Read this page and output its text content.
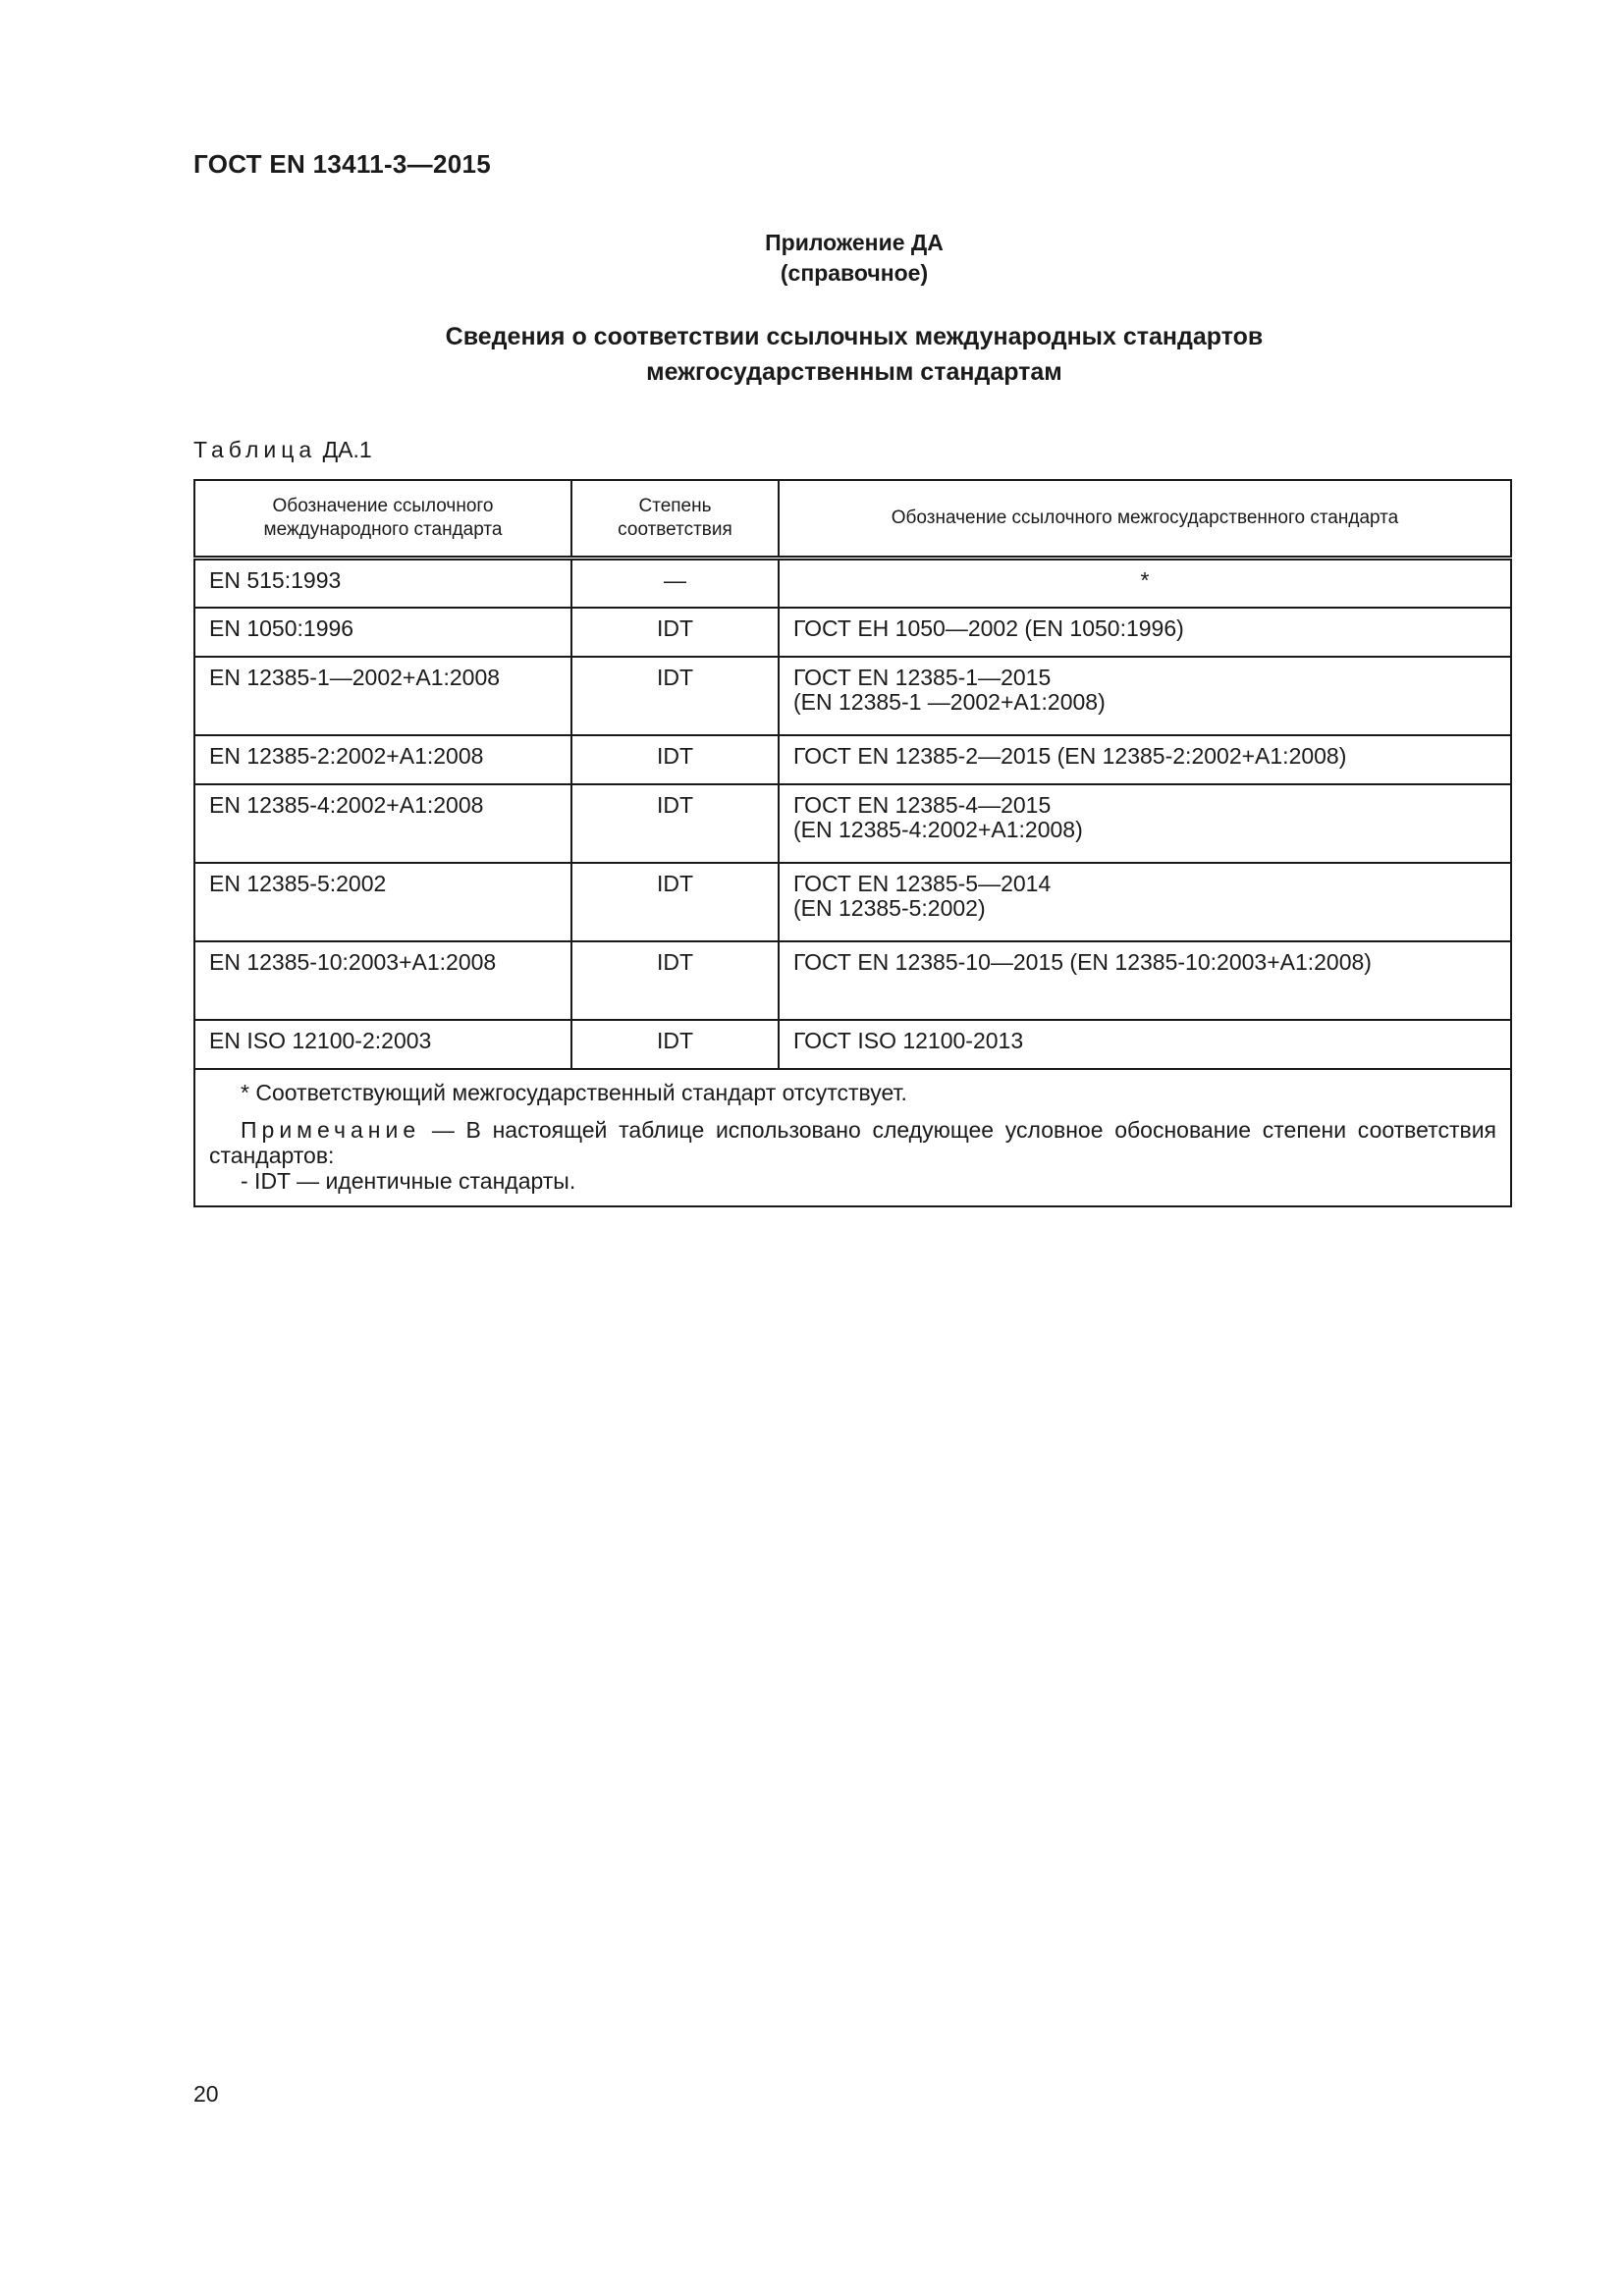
ГОСТ EN 13411-3—2015

Приложение ДА

(справочное)

Сведения о соответствии ссылочных международных стандартов
межгосударственным стандартам

Таблица ДА.1

Обозначение ссылочного международного стандарта	Степень соответствия	Обозначение ссылочного межгосударственного стандарта
EN 515:1993	—	*
EN 1050:1996	IDT	ГОСТ ЕН 1050—2002 (EN 1050:1996)
EN 12385-1—2002+A1:2008	IDT	ГОСТ EN 12385-1—2015
(EN 12385-1 —2002+A1:2008)
EN 12385-2:2002+A1:2008	IDT	ГОСТ EN 12385-2—2015 (EN 12385-2:2002+A1:2008)
EN 12385-4:2002+A1:2008	IDT	ГОСТ EN 12385-4—2015
(EN 12385-4:2002+A1:2008)
EN 12385-5:2002	IDT	ГОСТ EN 12385-5—2014
(EN 12385-5:2002)
EN 12385-10:2003+A1:2008	IDT	ГОСТ EN 12385-10—2015 (EN 12385-10:2003+A1:2008)
EN ISO 12100-2:2003	IDT	ГОСТ ISO 12100-2013

* Соответствующий межгосударственный стандарт отсутствует.

Примечание — В настоящей таблице использовано следующее условное обоснование степени соответствия стандартов:

- IDT — идентичные стандарты.		

20
